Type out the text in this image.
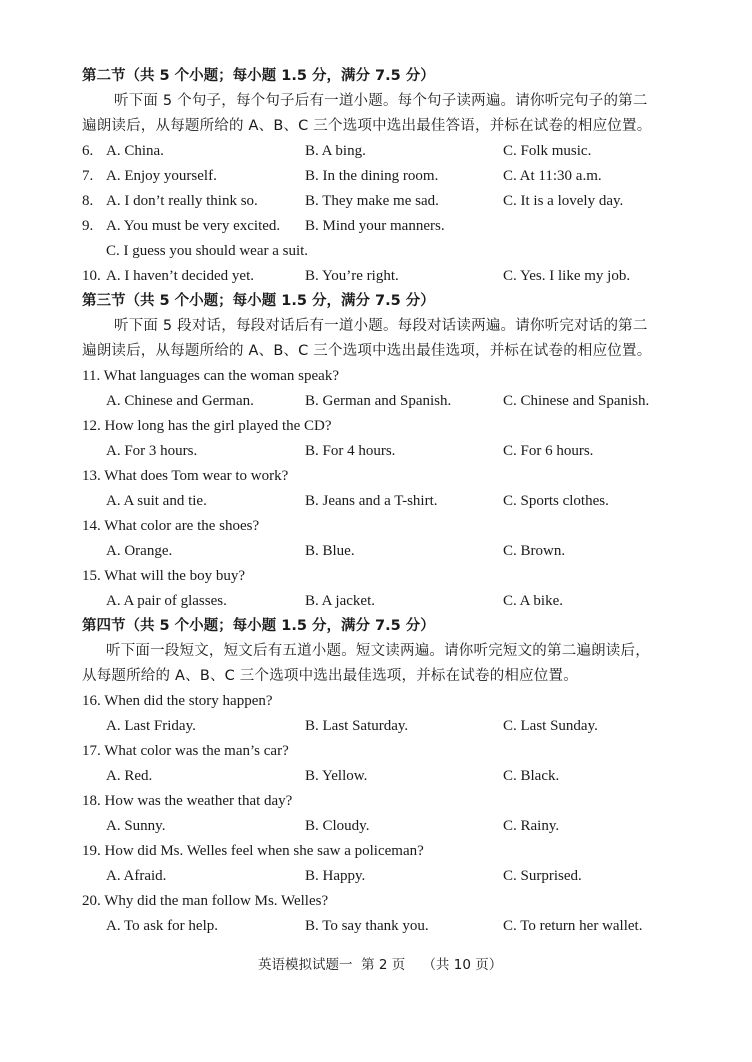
第二节（共 5 个小题；每小题 1.5 分，满分 7.5 分）
听下面 5 个句子，每个句子后有一道小题。每个句子读两遍。请你听完句子的第二
遍朗读后，从每题所给的 A、B、C 三个选项中选出最佳答语，并标在试卷的相应位置。
6. A. China.	B. A bing.	C. Folk music.
7. A. Enjoy yourself.	B. In the dining room.	C. At 11:30 a.m.
8. A. I don’t really think so.	B. They make me sad.	C. It is a lovely day.
9. A. You must be very excited. B. Mind your manners.
C. I guess you should wear a suit.
10. A. I haven’t decided yet.	B. You’re right.	C. Yes. I like my job.
第三节（共 5 个小题；每小题 1.5 分，满分 7.5 分）
听下面 5 段对话，每段对话后有一道小题。每段对话读两遍。请你听完对话的第二
遍朗读后，从每题所给的 A、B、C 三个选项中选出最佳选项，并标在试卷的相应位置。
11. What languages can the woman speak?
A. Chinese and German.	B. German and Spanish.	C. Chinese and Spanish.
12. How long has the girl played the CD?
A. For 3 hours.	B. For 4 hours.	C. For 6 hours.
13. What does Tom wear to work?
A. A suit and tie.	B. Jeans and a T-shirt.	C. Sports clothes.
14. What color are the shoes?
A. Orange.	B. Blue.	C. Brown.
15. What will the boy buy?
A. A pair of glasses.	B. A jacket.	C. A bike.
第四节（共 5 个小题；每小题 1.5 分，满分 7.5 分）
听下面一段短文，短文后有五道小题。短文读两遍。请你听完短文的第二遍朗读后，
从每题所给的 A、B、C 三个选项中选出最佳选项，并标在试卷的相应位置。
16. When did the story happen?
A. Last Friday.	B. Last Saturday.	C. Last Sunday.
17. What color was the man’s car?
A. Red.	B. Yellow.	C. Black.
18. How was the weather that day?
A. Sunny.	B. Cloudy.	C. Rainy.
19. How did Ms. Welles feel when she saw a policeman?
A. Afraid.	B. Happy.	C. Surprised.
20. Why did the man follow Ms. Welles?
A. To ask for help.	B. To say thank you.	C. To return her wallet.
英语模拟试题一 第 2 页 （共 10 页）
